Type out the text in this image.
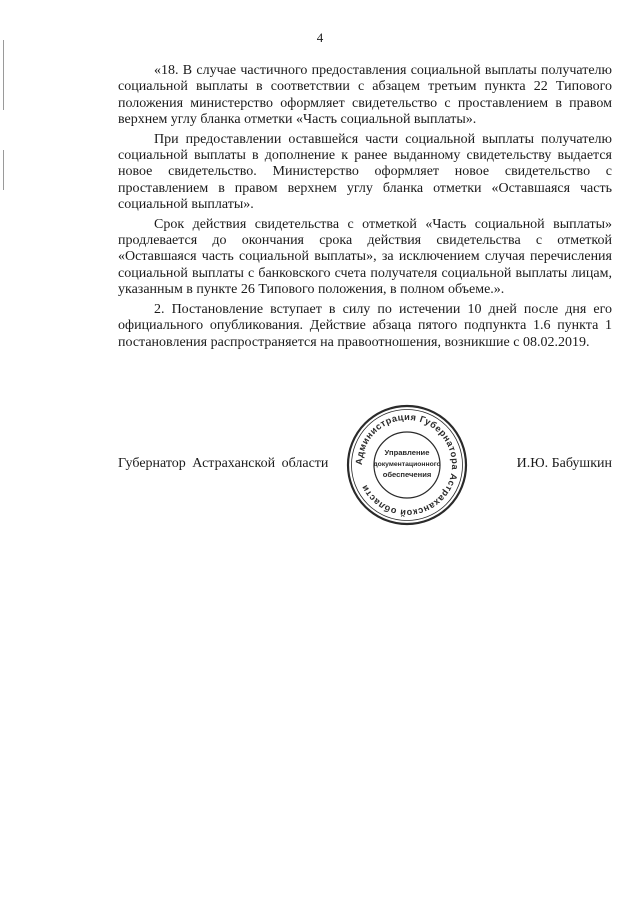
4

«18. В случае частичного предоставления социальной выплаты получателю социальной выплаты в соответствии с абзацем третьим пункта 22 Типового положения министерство оформляет свидетельство с проставлением в правом верхнем углу бланка отметки «Часть социальной выплаты».

При предоставлении оставшейся части социальной выплаты получателю социальной выплаты в дополнение к ранее выданному свидетельству выдается новое свидетельство. Министерство оформляет новое свидетельство с проставлением в правом верхнем углу бланка отметки «Оставшаяся часть социальной выплаты».

Срок действия свидетельства с отметкой «Часть социальной выплаты» продлевается до окончания срока действия свидетельства с отметкой «Оставшаяся часть социальной выплаты», за исключением случая перечисления социальной выплаты с банковского счета получателя социальной выплаты лицам, указанным в пункте 26 Типового положения, в полном объеме.».

2. Постановление вступает в силу по истечении 10 дней после дня его официального опубликования. Действие абзаца пятого подпункта 1.6 пункта 1 постановления распространяется на правоотношения, возникшие с 08.02.2019.

Губернатор Астраханской области	И.Ю. Бабушкин
Администрация Губернатора Астраханской области
Управление
документационного
обеспечения
